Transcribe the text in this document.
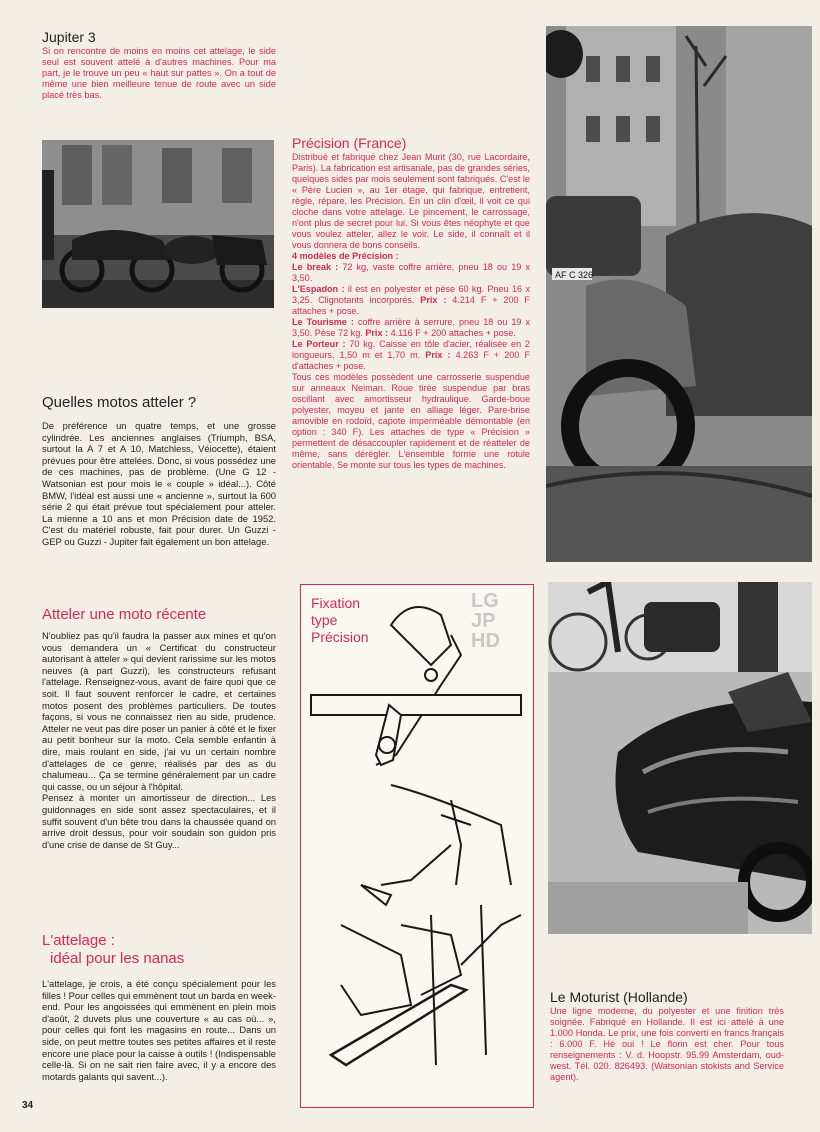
Jupiter 3

Si on rencontre de moins en moins cet attelage, le side seul est souvent attelé à d'autres machines. Pour ma part, je le trouve un peu « haut sur pattes ». On a tout de même une bien meilleure tenue de route avec un side placé très bas.

Quelles motos atteler ?

De préférence un quatre temps, et une grosse cylindrée. Les anciennes anglaises (Triumph, BSA, surtout la A 7 et A 10, Matchless, Véiocette), étaient prévues pour être attelées. Donc, si vous possédez une de ces machines, pas de problème. (Une G 12 - Watsonian est pour mois le « couple » idéal...). Côté BMW, l'idéal est aussi une « ancienne », surtout la 600 série 2 qui était prévue tout spécialement pour atteler. La mienne a 10 ans et mon Précision date de 1952. C'est du matériel robuste, fait pour durer. Un Guzzi - GEP ou Guzzi - Jupiter fait également un bon attelage.

Atteler une moto récente

N'oubliez pas qu'il faudra la passer aux mines et qu'on vous demandera un « Certificat du constructeur autorisant à atteler » qui devient rarissime sur les motos neuves (à part Guzzi), les constructeurs refusant l'attelage. Renseignez-vous, avant de faire quoi que ce soit. Il faut souvent renforcer le cadre, et certaines motos posent des problèmes particuliers. De toutes façons, si vous ne connaissez rien au side, prudence. Atteler ne veut pas dire poser un panier à côté et le fixer au petit bonheur sur la moto. Cela semble enfantin à dire, mais roulant en side, j'ai vu un certain nombre d'attelages de ce genre, réalisés par des as du chalumeau... Ça se termine généralement par un cadre qui casse, ou un séjour à l'hôpital.

Pensez à monter un amortisseur de direction... Les guidonnages en side sont assez spectaculaires, et il suffit souvent d'un bête trou dans la chaussée quand on arrive droit dessus, pour voir soudain son guidon pris d'une crise de danse de St Guy...

L'attelage :
idéal pour les nanas

L'attelage, je crois, a été conçu spécialement pour les filles ! Pour celles qui emmènent tout un barda en week-end. Pour les angoissées qui emmènent en plein mois d'août, 2 duvets plus une couverture « au cas où... », pour celles qui font les magasins en route... Dans un side, on peut mettre toutes ses petites affaires et il reste encore une place pour la caisse à outils ! (Indispensable celle-là. Si on ne sait rien faire avec, il y a encore des motards galants qui savent...).

34
Précision (France)

Distribué et fabriqué chez Jean Murit (30, rue Lacordaire, Paris). La fabrication est artisanale, pas de grandes séries, quelques sides par mois seulement sont fabriqués. C'est le « Père Lucien », au 1er étage, qui fabrique, entretient, règle, répare, les Précision. En un clin d'œil, il voit ce qui cloche dans votre attelage. Le pincement, le carrossage, n'ont plus de secret pour lui. Si vous êtes néophyte et que vous voulez atteler, allez le voir. Le side, il connaît et il vous donnera de bons conseils.

4 modèles de Précision :
Le break : 72 kg, vaste coffre arrière, pneu 18 ou 19 x 3,50.
L'Espadon : il est en polyester et pèse 60 kg. Pneu 16 x 3,25. Clignotants incorporés. Prix : 4.214 F + 200 F attaches + pose.
Le Tourisme : coffre arrière à serrure, pneu 18 ou 19 x 3,50. Pèse 72 kg. Prix : 4.116 F + 200 attaches + pose.
Le Porteur : 70 kg. Caisse en tôle d'acier, réalisée en 2 longueurs, 1,50 m et 1,70 m. Prix : 4.263 F + 200 F d'attaches + pose.

Tous ces modèles possèdent une carrosserie suspendue sur anneaux Neiman. Roue tirée suspendue par bras oscillant avec amortisseur hydraulique. Garde-boue polyester, moyeu et jante en alliage léger. Pare-brise amovible en rodoïd, capote imperméable démontable (en option : 340 F). Les attaches de type « Précision » permettent de désaccoupler rapidement et de réatteler de même, sans dérégler. L'ensemble forme une rotule orientable. Se monte sur tous les types de machines.

AF C 326
Fixation
type
Précision
LG
JP
HD
Le Moturist (Hollande)

Une ligne moderne, du polyester et une finition très soignée. Fabriqué en Hollande. Il est ici attelé à une 1.000 Honda. Le prix, une fois converti en francs français : 6.000 F. Hé oui ! Le florin est cher. Pour tous renseignements : V. d. Hoopstr. 95.99 Amsterdam, oud-west. Tél. 020. 826493. (Watsonian stokists and Service agent).
